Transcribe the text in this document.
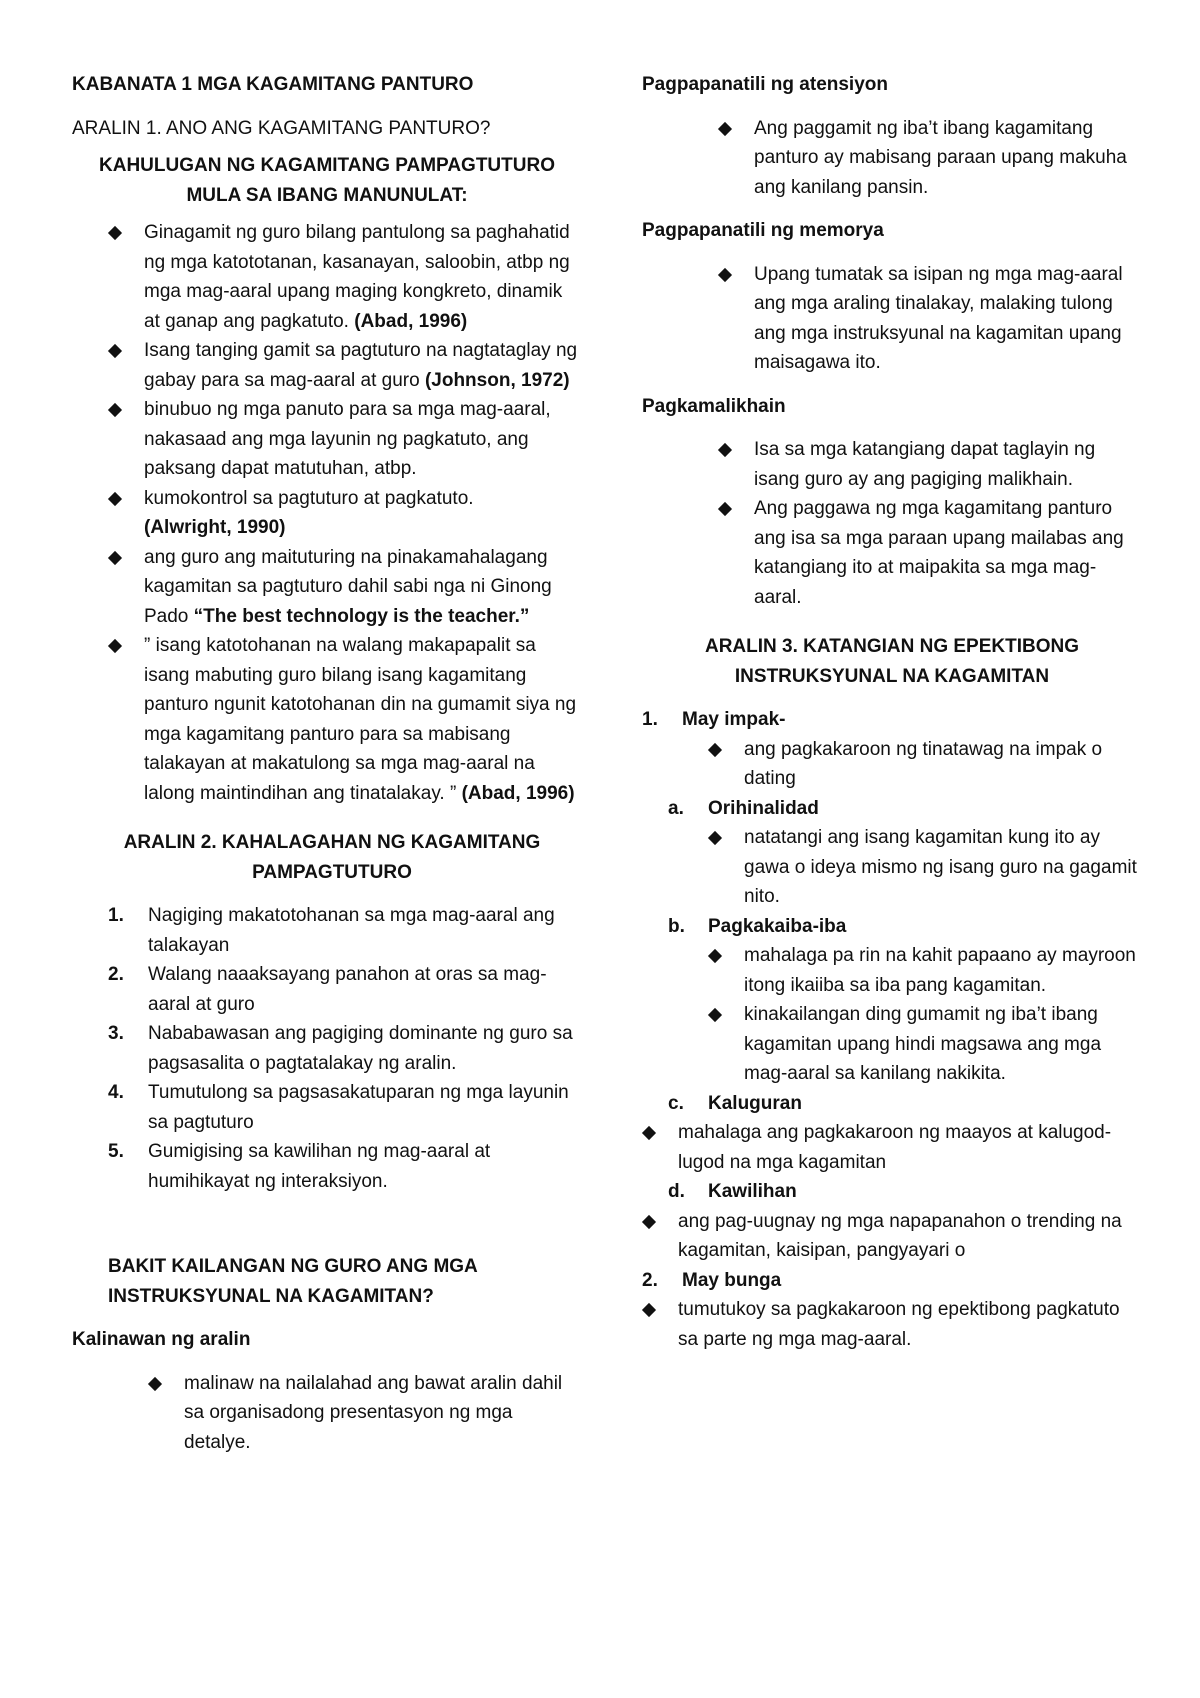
KABANATA 1 MGA KAGAMITANG PANTURO

ARALIN 1. ANO ANG KAGAMITANG PANTURO?

KAHULUGAN NG KAGAMITANG PAMPAGTUTURO MULA SA IBANG MANUNULAT:

Ginagamit ng guro bilang pantulong sa paghahatid ng mga katototanan, kasanayan, saloobin, atbp ng mga mag-aaral upang maging kongkreto, dinamik at ganap ang pagkatuto. (Abad, 1996)
Isang tanging gamit sa pagtuturo na nagtataglay ng gabay para sa mag-aaral at guro (Johnson, 1972)
binubuo ng mga panuto para sa mga mag-aaral, nakasaad ang mga layunin ng pagkatuto, ang paksang dapat matutuhan, atbp.
kumokontrol sa pagtuturo at pagkatuto.
(Alwright, 1990)
ang guro ang maituturing na pinakamahalagang kagamitan sa pagtuturo dahil sabi nga ni Ginong Pado “The best technology is the teacher.”
” isang katotohanan na walang makapapalit sa isang mabuting guro bilang isang kagamitang panturo ngunit katotohanan din na gumamit siya ng mga kagamitang panturo para sa mabisang talakayan at makatulong sa mga mag-aaral na lalong maintindihan ang tinatalakay. ” (Abad, 1996)

ARALIN 2. KAHALAGAHAN NG KAGAMITANG PAMPAGTUTURO

1.	Nagiging makatotohanan sa mga mag-aaral ang talakayan
2.	Walang naaaksayang panahon at oras sa mag-aaral at guro
3.	Nababawasan ang pagiging dominante ng guro sa pagsasalita o pagtatalakay ng aralin.
4.	Tumutulong sa pagsasakatuparan ng mga layunin sa pagtuturo
5.	Gumigising sa kawilihan ng mag-aaral at humihikayat ng interaksiyon.

BAKIT KAILANGAN NG GURO ANG MGA INSTRUKSYUNAL NA KAGAMITAN?

Kalinawan ng aralin

malinaw na nailalahad ang bawat aralin dahil sa organisadong presentasyon ng mga detalye.

Pagpapanatili ng atensiyon

Ang paggamit ng iba’t ibang kagamitang panturo ay mabisang paraan upang makuha ang kanilang pansin.

Pagpapanatili ng memorya

Upang tumatak sa isipan ng mga mag-aaral ang mga araling tinalakay, malaking tulong ang mga instruksyunal na kagamitan upang maisagawa ito.

Pagkamalikhain

Isa sa mga katangiang dapat taglayin ng isang guro ay ang pagiging malikhain.
Ang paggawa ng mga kagamitang panturo ang isa sa mga paraan upang mailabas ang katangiang ito at maipakita sa mga mag-aaral.

ARALIN 3. KATANGIAN NG EPEKTIBONG INSTRUKSYUNAL NA KAGAMITAN

1.	May impak-
ang pagkakaroon ng tinatawag na impak o dating
a.	Orihinalidad
natatangi ang isang kagamitan kung ito ay gawa o ideya mismo ng isang guro na gagamit nito.
b.	Pagkakaiba-iba
mahalaga pa rin na kahit papaano ay mayroon itong ikaiiba sa iba pang kagamitan.
kinakailangan ding gumamit ng iba’t ibang kagamitan upang hindi magsawa ang mga mag-aaral sa kanilang nakikita.
c.	Kaluguran
mahalaga ang pagkakaroon ng maayos at kalugod-lugod na mga kagamitan
d.	Kawilihan
ang pag-uugnay ng mga napapanahon o trending na kagamitan, kaisipan, pangyayari o
2.	May bunga
tumutukoy sa pagkakaroon ng epektibong pagkatuto sa parte ng mga mag-aaral.
